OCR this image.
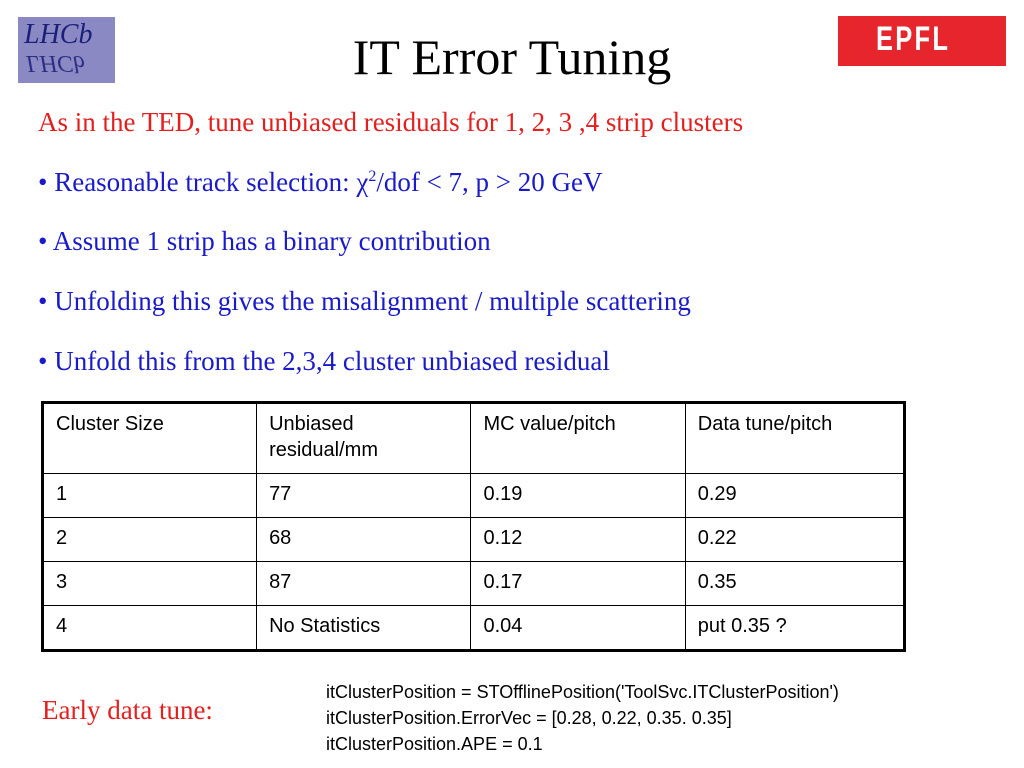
LHCb
LHCb
EPFL
IT Error Tuning
As in the TED, tune unbiased residuals for 1, 2, 3 ,4 strip clusters
• Reasonable track selection: $\chi^2$/dof < 7, p > 20 GeV
• Assume 1 strip has a binary contribution
• Unfolding this gives the misalignment / multiple scattering
• Unfold this from the 2,3,4 cluster unbiased residual
Cluster Size	Unbiased residual/mm	MC value/pitch	Data tune/pitch
1	77	0.19	0.29
2	68	0.12	0.22
3	87	0.17	0.35
4	No Statistics	0.04	put 0.35 ?
Early data tune:
itClusterPosition = STOfflinePosition('ToolSvc.ITClusterPosition')
itClusterPosition.ErrorVec = [0.28, 0.22, 0.35. 0.35]
itClusterPosition.APE = 0.1
